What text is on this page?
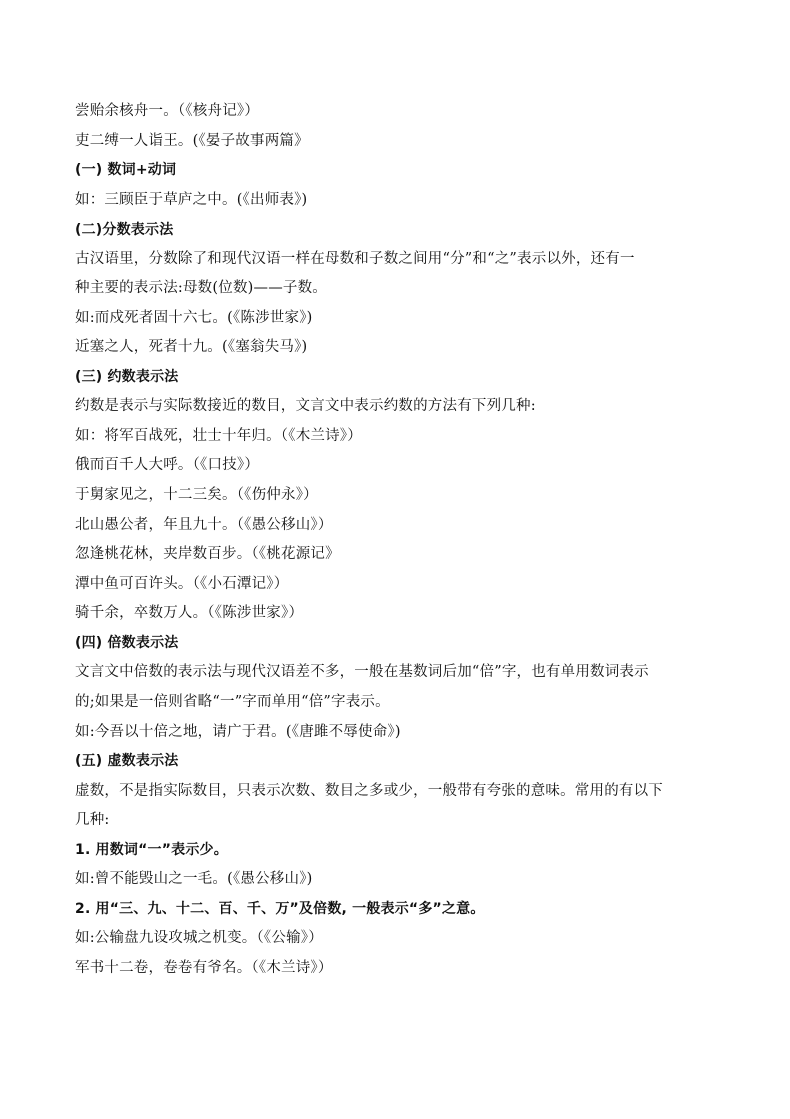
尝贻余核舟一。（《核舟记》）
吏二缚一人诣王。(《晏子故事两篇》
(一) 数词+动词
如：三顾臣于草庐之中。(《出师表》)
(二)分数表示法
古汉语里，分数除了和现代汉语一样在母数和子数之间用“分”和“之”表示以外，还有一
种主要的表示法:母数(位数)——子数。
如:而戍死者固十六七。(《陈涉世家》)
近塞之人，死者十九。(《塞翁失马》)
(三) 约数表示法
约数是表示与实际数接近的数目，文言文中表示约数的方法有下列几种:
如：将军百战死，壮士十年归。（《木兰诗》）
俄而百千人大呼。（《口技》）
于舅家见之，十二三矣。（《伤仲永》）
北山愚公者，年且九十。（《愚公移山》）
忽逢桃花林，夹岸数百步。（《桃花源记》
潭中鱼可百许头。（《小石潭记》）
骑千余，卒数万人。（《陈涉世家》）
(四) 倍数表示法
文言文中倍数的表示法与现代汉语差不多，一般在基数词后加“倍”字，也有单用数词表示
的;如果是一倍则省略“一”字而单用“倍”字表示。
如:今吾以十倍之地，请广于君。(《唐雎不辱使命》)
(五) 虚数表示法
虚数，不是指实际数目，只表示次数、数目之多或少，一般带有夸张的意味。常用的有以下
几种:
1. 用数词“一”表示少。
如:曾不能毁山之一毛。(《愚公移山》)
2. 用“三、九、十二、百、千、万”及倍数, 一般表示“多”之意。
如:公输盘九设攻城之机变。（《公输》）
军书十二卷，卷卷有爷名。（《木兰诗》）
